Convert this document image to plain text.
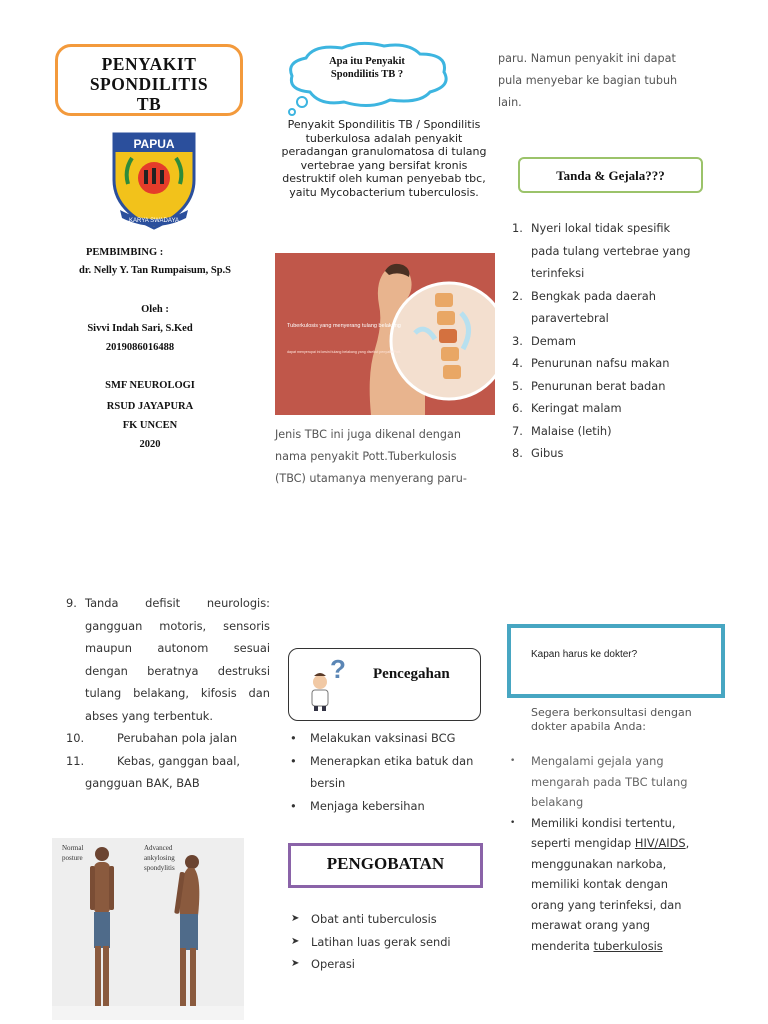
PENYAKIT
SPONDILITIS
TB
PAPUA
KARYA SWADAYA
PEMBIMBING :
dr. Nelly Y. Tan Rumpaisum, Sp.S
Oleh :
Sivvi Indah Sari, S.Ked
2019086016488
SMF NEUROLOGI
RSUD JAYAPURA
FK UNCEN
2020
Apa itu Penyakit
Spondilitis TB ?
Penyakit Spondilitis TB / Spondilitis tuberkulosa adalah penyakit peradangan granulomatosa di tulang vertebrae yang bersifat kronis destruktif oleh kuman penyebab tbc, yaitu Mycobacterium tuberculosis.
Tuberkulosis yang menyerang tulang belakang
dapat menyerupai ini kesini tulang belakang yang disebut penyakit Pott.
Jenis TBC ini juga dikenal dengan
nama penyakit Pott.Tuberkulosis
(TBC) utamanya menyerang paru-
paru. Namun penyakit ini dapat
pula menyebar ke bagian tubuh
lain.
Tanda & Gejala???
1. Nyeri lokal tidak spesifik
pada tulang vertebrae yang
terinfeksi
2. Bengkak pada daerah
paravertebral
3. Demam
4. Penurunan nafsu makan
5. Penurunan berat badan
6. Keringat malam
7. Malaise (letih)
8. Gibus
9. Tanda defisit neurologis:
gangguan motoris, sensoris
maupun autonom sesuai
dengan beratnya destruksi
tulang belakang, kifosis dan
abses yang terbentuk.
10.	Perubahan pola jalan
11.	Kebas, ganggan baal,
gangguan BAK, BAB
Normal
posture
Advanced
ankylosing
spondylitis
? Pencegahan
• Melakukan vaksinasi BCG
• Menerapkan etika batuk dan
bersin
• Menjaga kebersihan
PENGOBATAN
➤ Obat anti tuberculosis
➤ Latihan luas gerak sendi
➤ Operasi
Kapan harus ke dokter?
Segera berkonsultasi dengan
dokter apabila Anda:
• Mengalami gejala yang
mengarah pada TBC tulang
belakang
• Memiliki kondisi tertentu,
seperti mengidap HIV/AIDS,
menggunakan narkoba,
memiliki kontak dengan
orang yang terinfeksi, dan
merawat orang yang
menderita tuberkulosis
